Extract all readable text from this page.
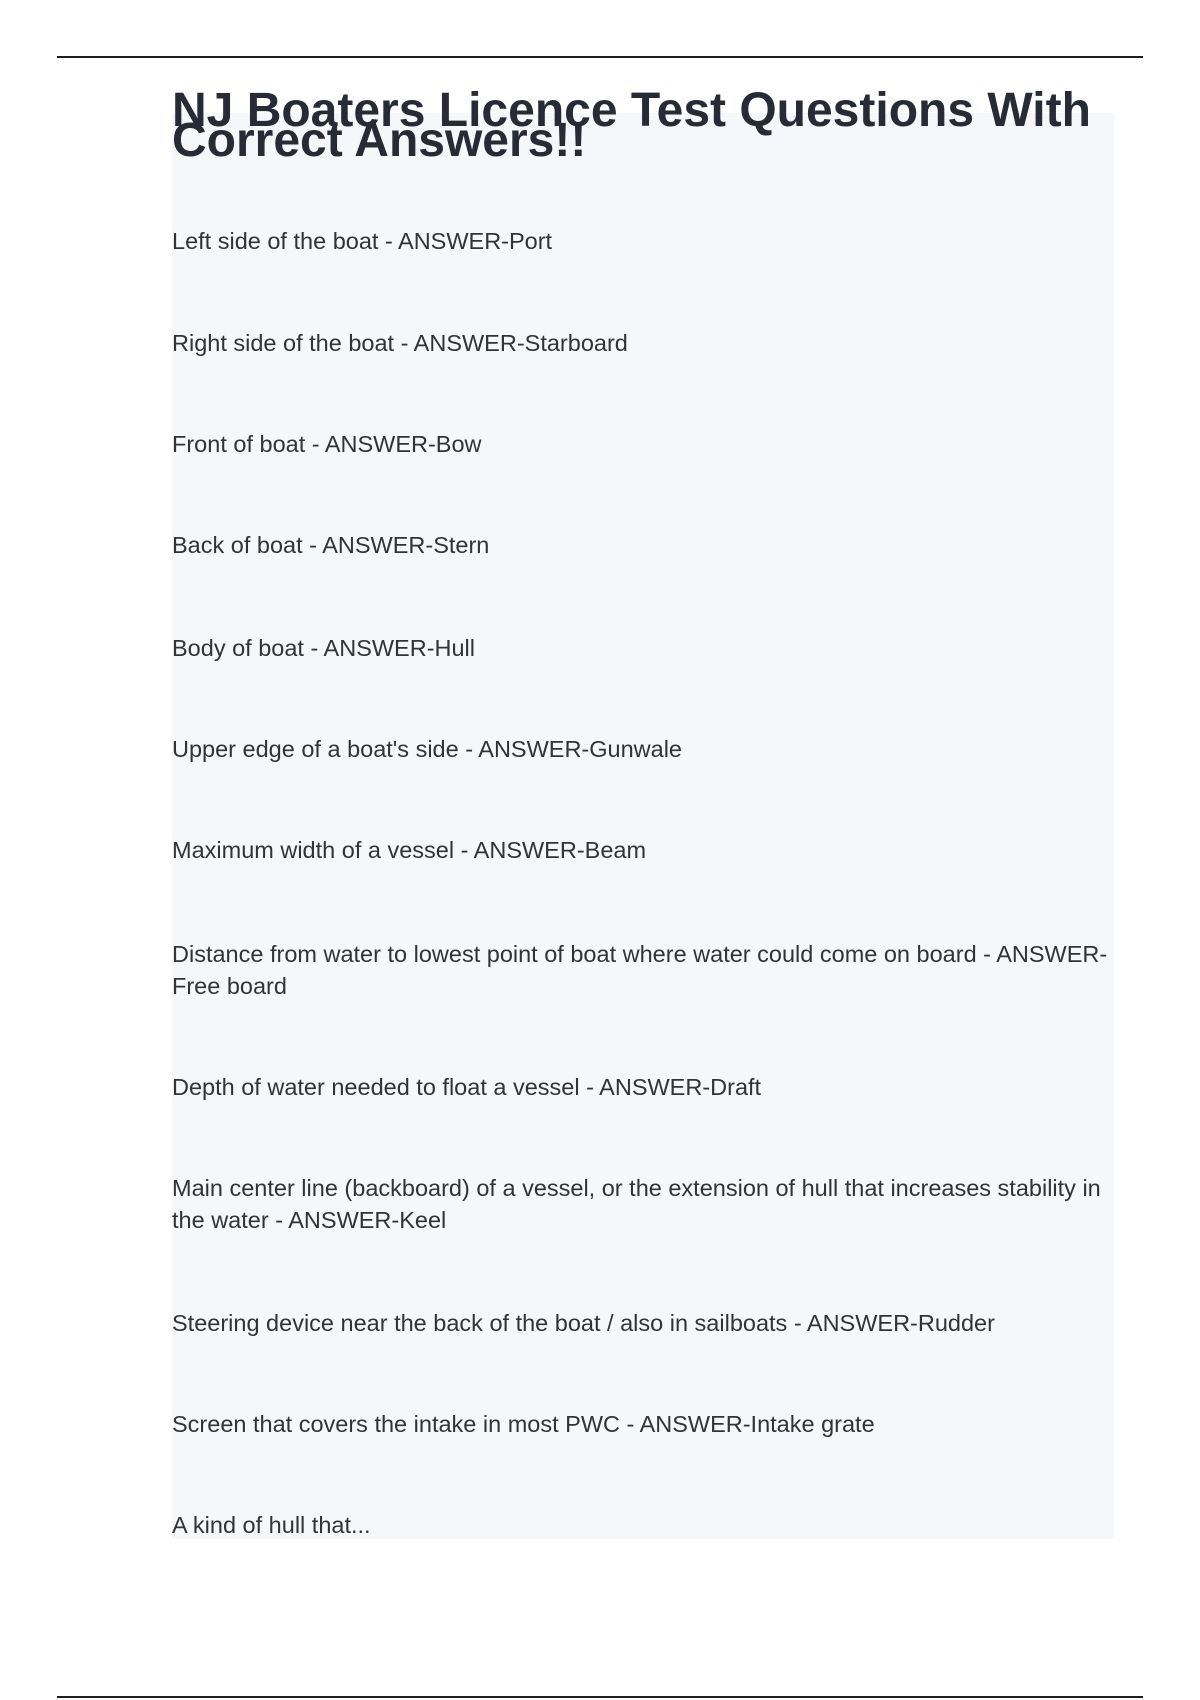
NJ Boaters Licence Test Questions With Correct Answers!!
Left side of the boat - ANSWER-Port
Right side of the boat - ANSWER-Starboard
Front of boat - ANSWER-Bow
Back of boat - ANSWER-Stern
Body of boat - ANSWER-Hull
Upper edge of a boat's side - ANSWER-Gunwale
Maximum width of a vessel - ANSWER-Beam
Distance from water to lowest point of boat where water could come on board - ANSWER-Free board
Depth of water needed to float a vessel - ANSWER-Draft
Main center line (backboard) of a vessel, or the extension of hull that increases stability in the water - ANSWER-Keel
Steering device near the back of the boat / also in sailboats - ANSWER-Rudder
Screen that covers the intake in most PWC - ANSWER-Intake grate
A kind of hull that...
